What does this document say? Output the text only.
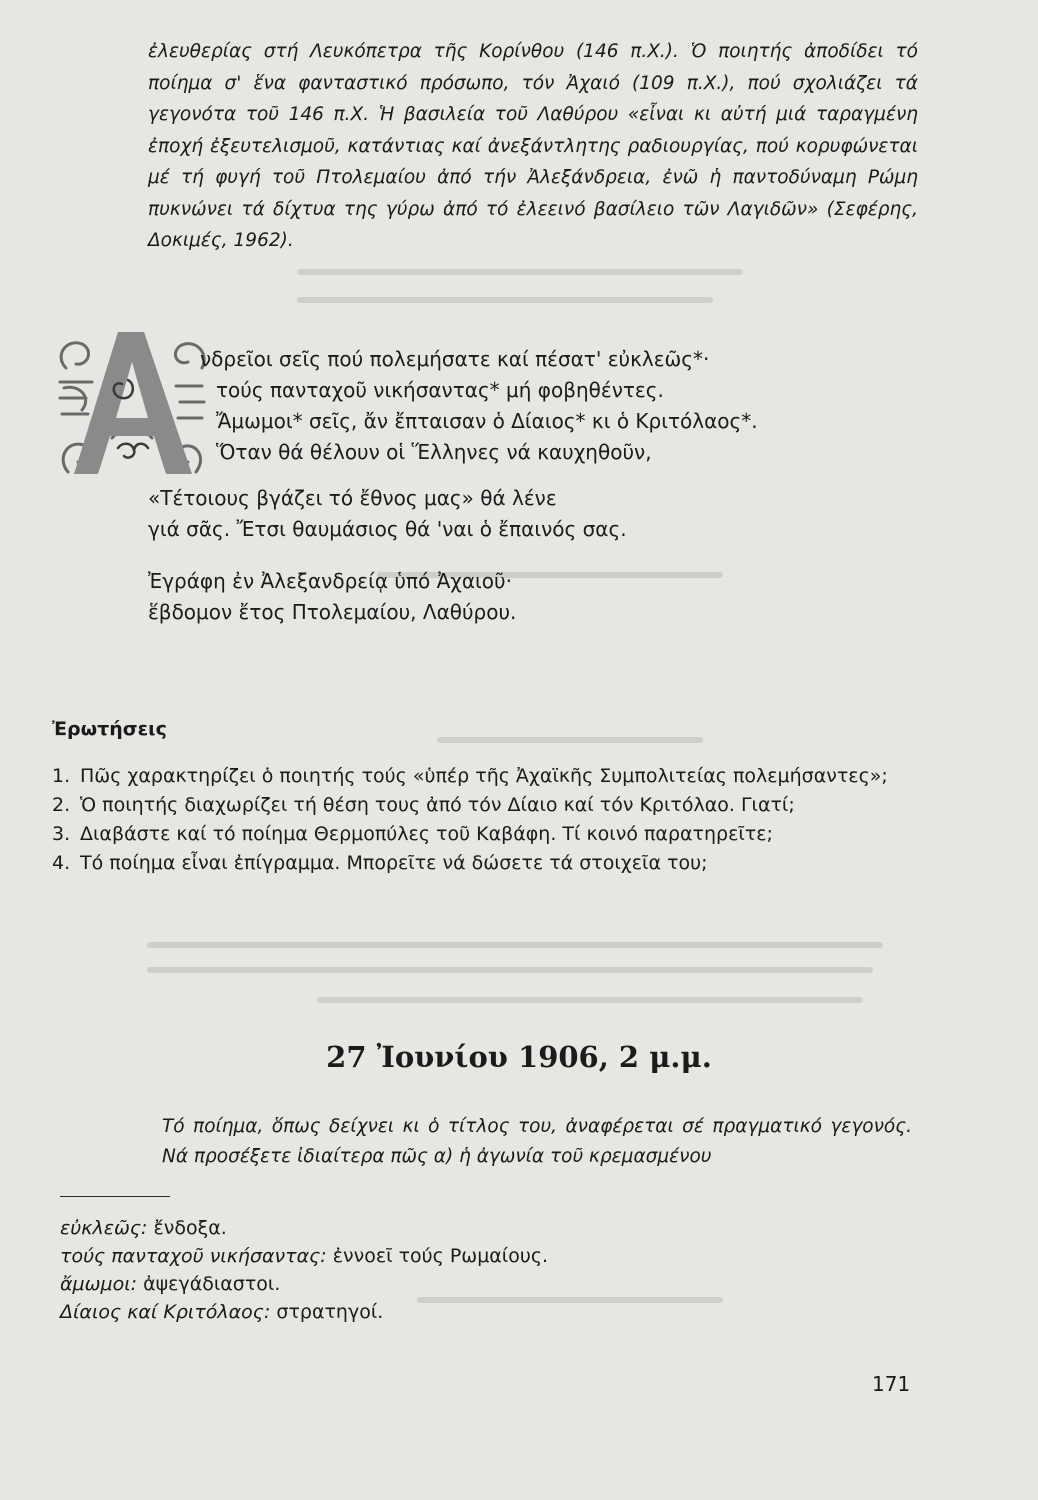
ἐλευθερίας στή Λευκόπετρα τῆς Κορίνθου (146 π.Χ.). Ὁ ποιητής ἀποδίδει τό ποίημα σ' ἕνα φανταστικό πρόσωπο, τόν Ἀχαιό (109 π.Χ.), πού σχολιάζει τά γεγονότα τοῦ 146 π.Χ. Ἡ βασιλεία τοῦ Λαθύρου «εἶναι κι αὐτή μιά ταραγμένη ἐποχή ἐξευτελισμοῦ, κατάντιας καί ἀνεξάντλητης ραδιουργίας, πού κορυφώνεται μέ τή φυγή τοῦ Πτολεμαίου ἀπό τήν Ἀλεξάνδρεια, ἐνῶ ἡ παντοδύναμη Ρώμη πυκνώνει τά δίχτυα της γύρω ἀπό τό ἐλεεινό βασίλειο τῶν Λαγιδῶν» (Σεφέρης, Δοκιμές, 1962).

νδρεῖοι σεῖς πού πολεμήσατε καί πέσατ' εὐκλεῶς*·
τούς πανταχοῦ νικήσαντας* μή φοβηθέντες.
Ἄμωμοι* σεῖς, ἄν ἔπταισαν ὁ Δίαιος* κι ὁ Κριτόλαος*.
Ὅταν θά θέλουν οἱ Ἕλληνες νά καυχηθοῦν,
«Τέτοιους βγάζει τό ἔθνος μας» θά λένε
γιά σᾶς. Ἔτσι θαυμάσιος θά 'ναι ὁ ἔπαινός σας.
Ἐγράφη ἐν Ἀλεξανδρείᾳ ὑπό Ἀχαιοῦ·
ἕβδομον ἔτος Πτολεμαίου, Λαθύρου.
Ἐρωτήσεις
1. Πῶς χαρακτηρίζει ὁ ποιητής τούς «ὑπέρ τῆς Ἀχαϊκῆς Συμπολιτείας πολεμήσαντες»;
2. Ὁ ποιητής διαχωρίζει τή θέση τους ἀπό τόν Δίαιο καί τόν Κριτόλαο. Γιατί;
3. Διαβάστε καί τό ποίημα Θερμοπύλες τοῦ Καβάφη. Τί κοινό παρατηρεῖτε;
4. Τό ποίημα εἶναι ἐπίγραμμα. Μπορεῖτε νά δώσετε τά στοιχεῖα του;
27 Ἰουνίου 1906, 2 μ.μ.

Τό ποίημα, ὅπως δείχνει κι ὁ τίτλος του, ἀναφέρεται σέ πραγματικό γεγονός. Νά προσέξετε ἰδιαίτερα πῶς α) ἡ ἀγωνία τοῦ κρεμασμένου

εὐκλεῶς: ἔνδοξα.
τούς πανταχοῦ νικήσαντας: ἐννοεῖ τούς Ρωμαίους.
ἄμωμοι: ἀψεγάδιαστοι.
Δίαιος καί Κριτόλαος: στρατηγοί.

171
